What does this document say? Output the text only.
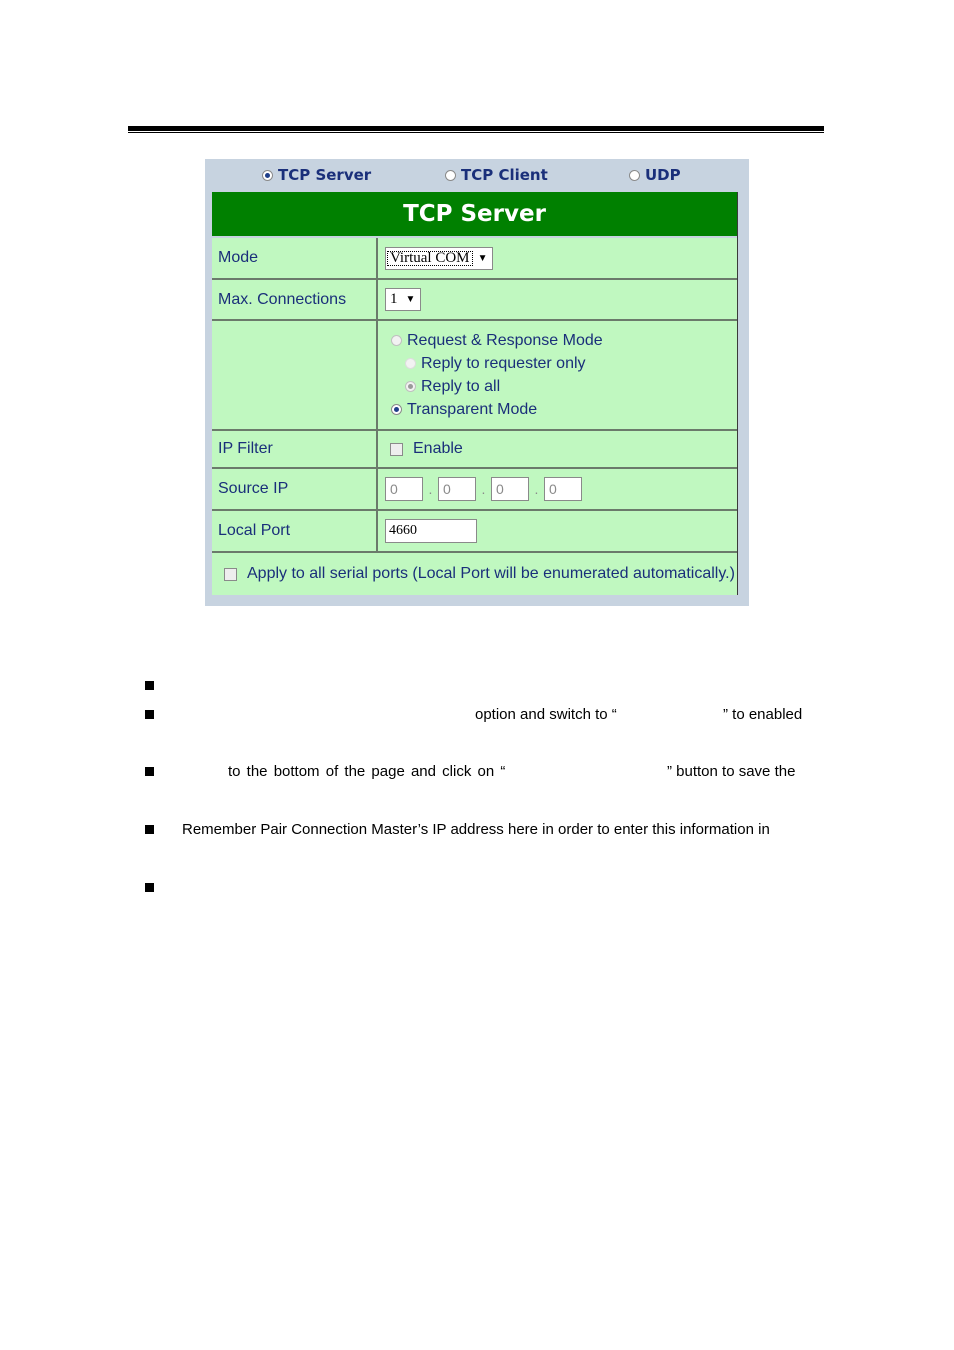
TCP Server	TCP Client	UDP
TCP Server
Mode	Virtual COM ▼
Max. Connections	1 ▼
Request & Response Mode
Reply to requester only
Reply to all
Transparent Mode
IP Filter	Enable
Source IP	0	. 0	. 0	. 0
Local Port	4660
Apply to all serial ports (Local Port will be enumerated automatically.)
option and switch to “	” to enabled
to the bottom of the page and click on “	” button to save the
Remember Pair Connection Master’s IP address here in order to enter this information in
